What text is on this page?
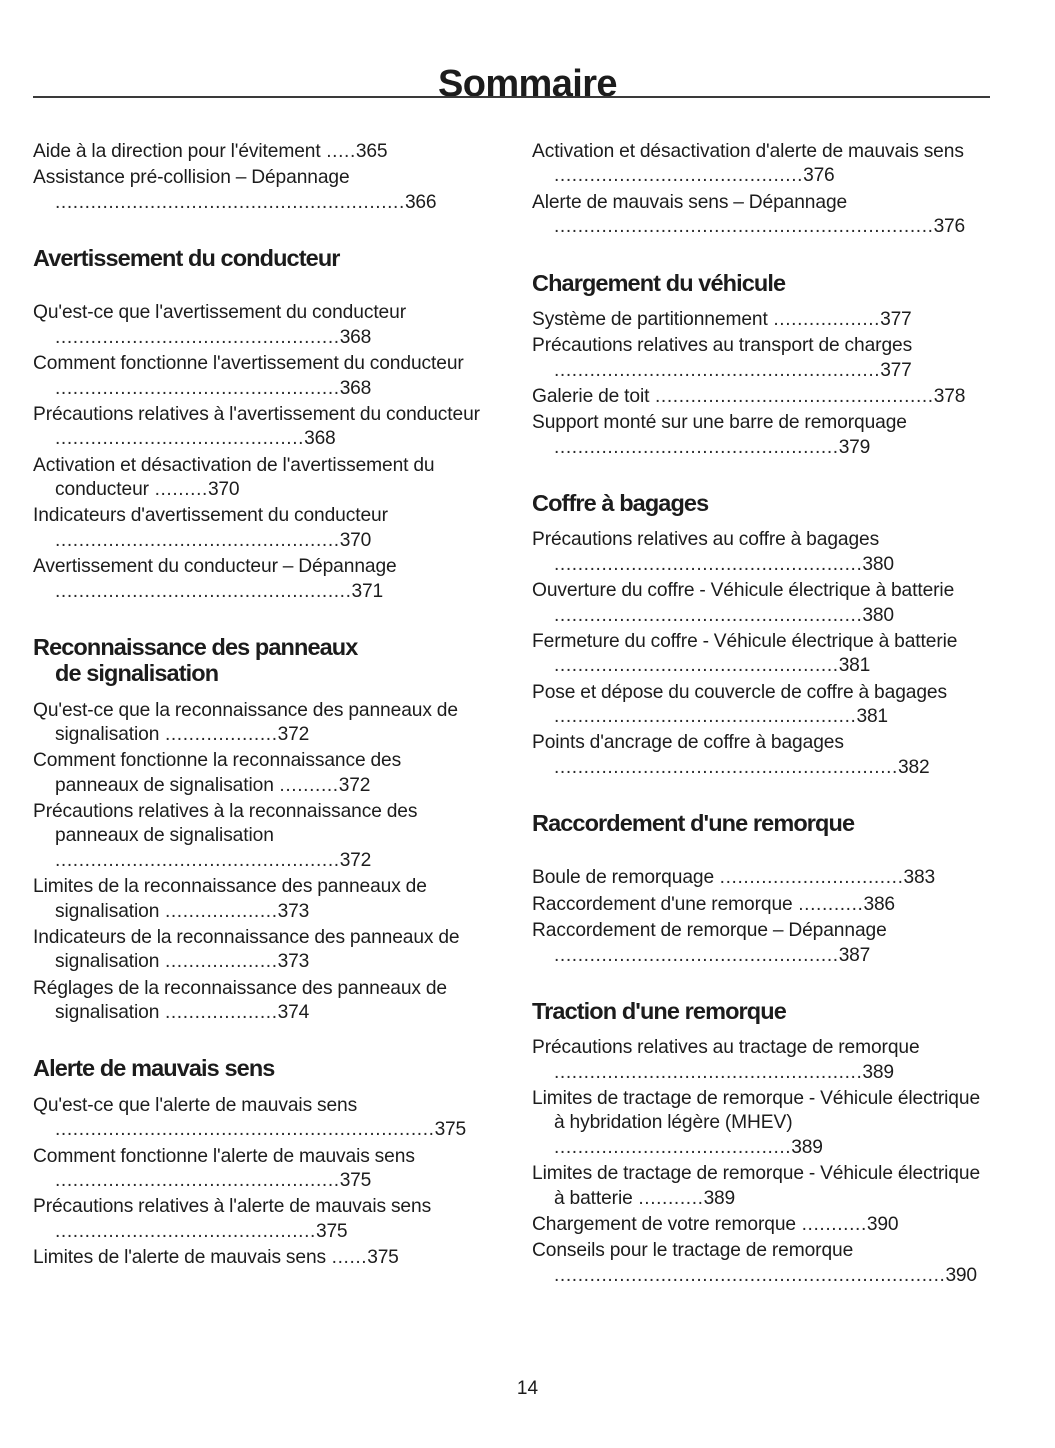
Sommaire

Aide à la direction pour l'évitement .....365

Assistance pré-collision – Dépannage ...........................................................366

Avertissement du conducteur

Qu'est-ce que l'avertissement du conducteur ................................................368

Comment fonctionne l'avertissement du conducteur ................................................368

Précautions relatives à l'avertissement du conducteur ..........................................368

Activation et désactivation de l'avertissement du conducteur .........370

Indicateurs d'avertissement du conducteur ................................................370

Avertissement du conducteur – Dépannage ..................................................371

Reconnaissance des panneaux
de signalisation

Qu'est-ce que la reconnaissance des panneaux de signalisation ...................372

Comment fonctionne la reconnaissance des panneaux de signalisation ..........372

Précautions relatives à la reconnaissance des panneaux de signalisation ................................................372

Limites de la reconnaissance des panneaux de signalisation ...................373

Indicateurs de la reconnaissance des panneaux de signalisation ...................373

Réglages de la reconnaissance des panneaux de signalisation ...................374

Alerte de mauvais sens

Qu'est-ce que l'alerte de mauvais sens ................................................................375

Comment fonctionne l'alerte de mauvais sens ................................................375

Précautions relatives à l'alerte de mauvais sens ............................................375

Limites de l'alerte de mauvais sens ......375

Activation et désactivation d'alerte de mauvais sens ..........................................376

Alerte de mauvais sens – Dépannage ................................................................376

Chargement du véhicule

Système de partitionnement ..................377

Précautions relatives au transport de charges .......................................................377

Galerie de toit ...............................................378

Support monté sur une barre de remorquage ................................................379

Coffre à bagages

Précautions relatives au coffre à bagages ....................................................380

Ouverture du coffre - Véhicule électrique à batterie ....................................................380

Fermeture du coffre - Véhicule électrique à batterie ................................................381

Pose et dépose du couvercle de coffre à bagages ...................................................381

Points d'ancrage de coffre à bagages ..........................................................382

Raccordement d'une remorque

Boule de remorquage ...............................383

Raccordement d'une remorque ...........386

Raccordement de remorque – Dépannage ................................................387

Traction d'une remorque

Précautions relatives au tractage de remorque ....................................................389

Limites de tractage de remorque - Véhicule électrique à hybridation légère (MHEV) ........................................389

Limites de tractage de remorque - Véhicule électrique à batterie ...........389

Chargement de votre remorque ...........390

Conseils pour le tractage de remorque ..................................................................390

14
